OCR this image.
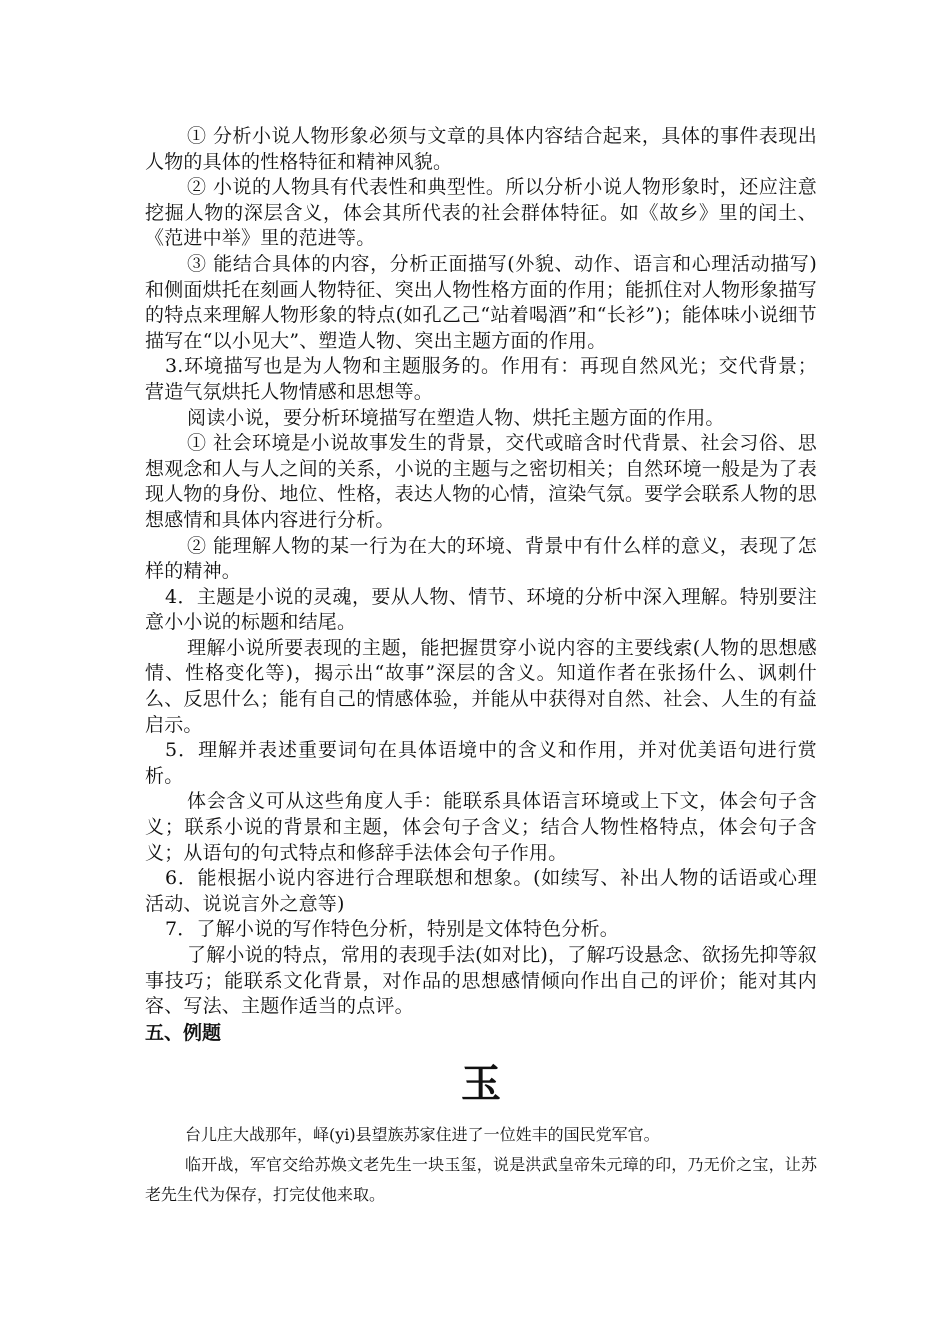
① 分析小说人物形象必须与文章的具体内容结合起来，具体的事件表现出人物的具体的性格特征和精神风貌。

② 小说的人物具有代表性和典型性。所以分析小说人物形象时，还应注意挖掘人物的深层含义，体会其所代表的社会群体特征。如《故乡》里的闰土、《范进中举》里的范进等。

③ 能结合具体的内容，分析正面描写(外貌、动作、语言和心理活动描写)和侧面烘托在刻画人物特征、突出人物性格方面的作用；能抓住对人物形象描写的特点来理解人物形象的特点(如孔乙己“站着喝酒”和“长衫”)；能体味小说细节描写在“以小见大”、塑造人物、突出主题方面的作用。

3.环境描写也是为人物和主题服务的。作用有：再现自然风光；交代背景；营造气氛烘托人物情感和思想等。

阅读小说，要分析环境描写在塑造人物、烘托主题方面的作用。

① 社会环境是小说故事发生的背景，交代或暗含时代背景、社会习俗、思想观念和人与人之间的关系，小说的主题与之密切相关；自然环境一般是为了表现人物的身份、地位、性格，表达人物的心情，渲染气氛。要学会联系人物的思想感情和具体内容进行分析。

② 能理解人物的某一行为在大的环境、背景中有什么样的意义，表现了怎样的精神。

4．主题是小说的灵魂，要从人物、情节、环境的分析中深入理解。特别要注意小小说的标题和结尾。

理解小说所要表现的主题，能把握贯穿小说内容的主要线索(人物的思想感情、性格变化等)，揭示出“故事”深层的含义。知道作者在张扬什么、讽刺什么、反思什么；能有自己的情感体验，并能从中获得对自然、社会、人生的有益启示。

5．理解并表述重要词句在具体语境中的含义和作用，并对优美语句进行赏析。

体会含义可从这些角度人手：能联系具体语言环境或上下文，体会句子含义；联系小说的背景和主题，体会句子含义；结合人物性格特点，体会句子含义；从语句的句式特点和修辞手法体会句子作用。

6．能根据小说内容进行合理联想和想象。(如续写、补出人物的话语或心理活动、说说言外之意等)

7．了解小说的写作特色分析，特别是文体特色分析。

了解小说的特点，常用的表现手法(如对比)，了解巧设悬念、欲扬先抑等叙事技巧；能联系文化背景，对作品的思想感情倾向作出自己的评价；能对其内容、写法、主题作适当的点评。

五、例题

玉

台儿庄大战那年，峄(yi)县望族苏家住进了一位姓丰的国民党军官。

临开战，军官交给苏焕文老先生一块玉玺，说是洪武皇帝朱元璋的印，乃无价之宝，让苏老先生代为保存，打完仗他来取。
